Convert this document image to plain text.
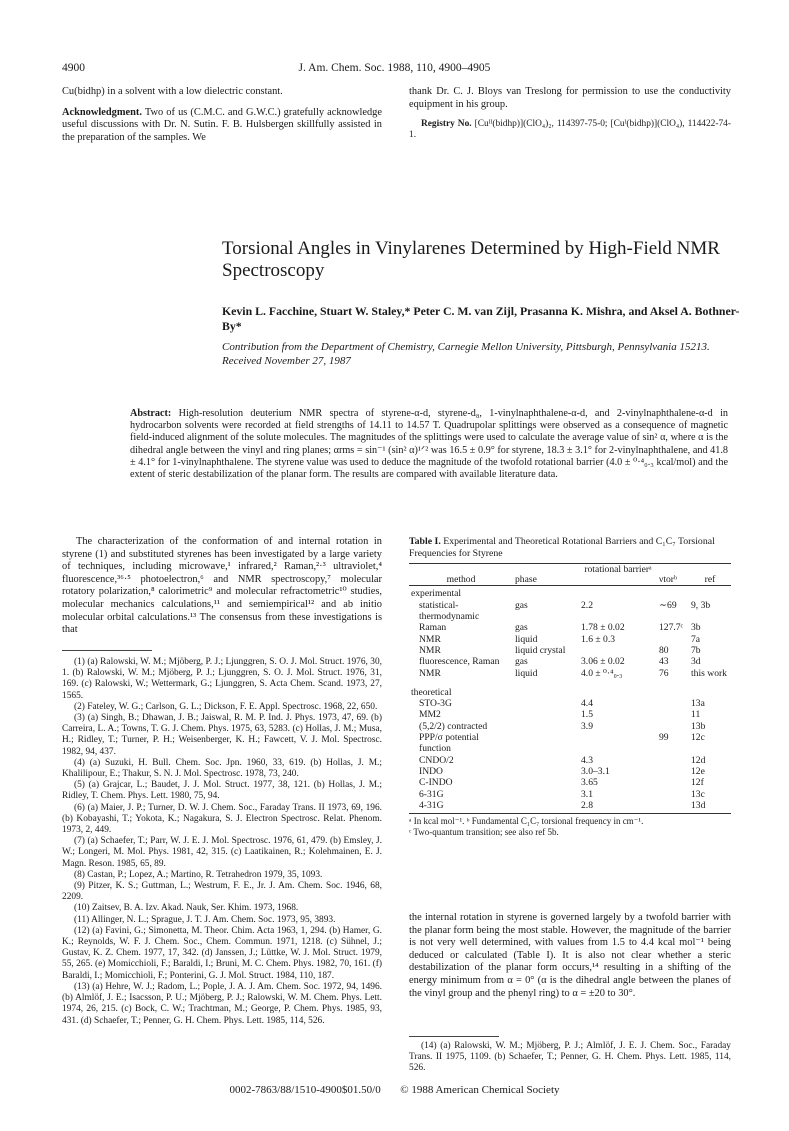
4900	J. Am. Chem. Soc. 1988, 110, 4900–4905

Cu(bidhp) in a solvent with a low dielectric constant.

Acknowledgment. Two of us (C.M.C. and G.W.C.) gratefully acknowledge useful discussions with Dr. N. Sutin. F. B. Hulsbergen skillfully assisted in the preparation of the samples. We

thank Dr. C. J. Bloys van Treslong for permission to use the conductivity equipment in his group.

Registry No. [Cuᴵᴵ(bidhp)](ClO₄)₂, 114397-75-0; [Cuᴵ(bidhp)](ClO₄), 114422-74-1.

Torsional Angles in Vinylarenes Determined by High-Field NMR Spectroscopy
Kevin L. Facchine, Stuart W. Staley,* Peter C. M. van Zijl, Prasanna K. Mishra, and Aksel A. Bothner-By*
Contribution from the Department of Chemistry, Carnegie Mellon University, Pittsburgh, Pennsylvania 15213. Received November 27, 1987
Abstract: High-resolution deuterium NMR spectra of styrene-α-d, styrene-d₈, 1-vinylnaphthalene-α-d, and 2-vinylnaphthalene-α-d in hydrocarbon solvents were recorded at field strengths of 14.11 to 14.57 T. Quadrupolar splittings were observed as a consequence of magnetic field-induced alignment of the solute molecules. The magnitudes of the splittings were used to calculate the average value of sin² α, where α is the dihedral angle between the vinyl and ring planes; αrms = sin⁻¹ (sin² α)¹ᐟ² was 16.5 ± 0.9° for styrene, 18.3 ± 3.1° for 2-vinylnaphthalene, and 41.8 ± 4.1° for 1-vinylnaphthalene. The styrene value was used to deduce the magnitude of the twofold rotational barrier (4.0 ± ⁰·⁴₀.₃ kcal/mol) and the extent of steric destabilization of the planar form. The results are compared with available literature data.
The characterization of the conformation of and internal rotation in styrene (1) and substituted styrenes has been investigated by a large variety of techniques, including microwave,¹ infrared,² Raman,²·³ ultraviolet,⁴ fluorescence,³⁶·⁵ photoelectron,⁶ and NMR spectroscopy,⁷ molecular rotatory polarization,⁸ calorimetric⁹ and molecular refractometric¹⁰ studies, molecular mechanics calculations,¹¹ and semiempirical¹² and ab initio molecular orbital calculations.¹³ The consensus from these investigations is that

(1) (a) Ralowski, W. M.; Mjöberg, P. J.; Ljunggren, S. O. J. Mol. Struct. 1976, 30, 1. (b) Ralowski, W. M.; Mjöberg, P. J.; Ljunggren, S. O. J. Mol. Struct. 1976, 31, 169. (c) Ralowski, W.; Wettermark, G.; Ljunggren, S. Acta Chem. Scand. 1973, 27, 1565.

(2) Fateley, W. G.; Carlson, G. L.; Dickson, F. E. Appl. Spectrosc. 1968, 22, 650.

(3) (a) Singh, B.; Dhawan, J. B.; Jaiswal, R. M. P. Ind. J. Phys. 1973, 47, 69. (b) Carreira, L. A.; Towns, T. G. J. Chem. Phys. 1975, 63, 5283. (c) Hollas, J. M.; Musa, H.; Ridley, T.; Turner, P. H.; Weisenberger, K. H.; Fawcett, V. J. Mol. Spectrosc. 1982, 94, 437.

(4) (a) Suzuki, H. Bull. Chem. Soc. Jpn. 1960, 33, 619. (b) Hollas, J. M.; Khalilipour, E.; Thakur, S. N. J. Mol. Spectrosc. 1978, 73, 240.

(5) (a) Grajcar, L.; Baudet, J. J. Mol. Struct. 1977, 38, 121. (b) Hollas, J. M.; Ridley, T. Chem. Phys. Lett. 1980, 75, 94.

(6) (a) Maier, J. P.; Turner, D. W. J. Chem. Soc., Faraday Trans. II 1973, 69, 196. (b) Kobayashi, T.; Yokota, K.; Nagakura, S. J. Electron Spectrosc. Relat. Phenom. 1973, 2, 449.

(7) (a) Schaefer, T.; Parr, W. J. E. J. Mol. Spectrosc. 1976, 61, 479. (b) Emsley, J. W.; Longeri, M. Mol. Phys. 1981, 42, 315. (c) Laatikainen, R.; Kolehmainen, E. J. Magn. Reson. 1985, 65, 89.

(8) Castan, P.; Lopez, A.; Martino, R. Tetrahedron 1979, 35, 1093.

(9) Pitzer, K. S.; Guttman, L.; Westrum, F. E., Jr. J. Am. Chem. Soc. 1946, 68, 2209.

(10) Zaitsev, B. A. Izv. Akad. Nauk, Ser. Khim. 1973, 1968.

(11) Allinger, N. L.; Sprague, J. T. J. Am. Chem. Soc. 1973, 95, 3893.

(12) (a) Favini, G.; Simonetta, M. Theor. Chim. Acta 1963, 1, 294. (b) Hamer, G. K.; Reynolds, W. F. J. Chem. Soc., Chem. Commun. 1971, 1218. (c) Sühnel, J.; Gustav, K. Z. Chem. 1977, 17, 342. (d) Janssen, J.; Lüttke, W. J. Mol. Struct. 1979, 55, 265. (e) Momicchioli, F.; Baraldi, I.; Bruni, M. C. Chem. Phys. 1982, 70, 161. (f) Baraldi, I.; Momicchioli, F.; Ponterini, G. J. Mol. Struct. 1984, 110, 187.

(13) (a) Hehre, W. J.; Radom, L.; Pople, J. A. J. Am. Chem. Soc. 1972, 94, 1496. (b) Almlöf, J. E.; Isacsson, P. U.; Mjöberg, P. J.; Ralowski, W. M. Chem. Phys. Lett. 1974, 26, 215. (c) Bock, C. W.; Trachtman, M.; George, P. Chem. Phys. 1985, 93, 431. (d) Schaefer, T.; Penner, G. H. Chem. Phys. Lett. 1985, 114, 526.

Table I. Experimental and Theoretical Rotational Barriers and C₁C₇ Torsional Frequencies for Styrene
method	phase	rotational barrierᵃ	νtorᵇ	ref
experimental				
statistical-thermodynamic	gas	2.2	∼69	9, 3b
Raman	gas	1.78 ± 0.02	127.7ᶜ	3b
NMR	liquid	1.6 ± 0.3		7a
NMR	liquid crystal		80	7b
fluorescence, Raman	gas	3.06 ± 0.02	43	3d
NMR	liquid	4.0 ± ⁰·⁴₀.₃	76	this work
theoretical				
STO-3G		4.4		13a
MM2		1.5		11
(5,2/2) contracted		3.9		13b
PPP/σ potential function			99	12c
CNDO/2		4.3		12d
INDO		3.0–3.1		12e
C-INDO		3.65		12f
6-31G		3.1		13c
4-31G		2.8		13d
ᵃ In kcal mol⁻¹. ᵇ Fundamental C₁C₇ torsional frequency in cm⁻¹.
ᶜ Two-quantum transition; see also ref 5b.
the internal rotation in styrene is governed largely by a twofold barrier with the planar form being the most stable. However, the magnitude of the barrier is not very well determined, with values from 1.5 to 4.4 kcal mol⁻¹ being deduced or calculated (Table I). It is also not clear whether a steric destabilization of the planar form occurs,¹⁴ resulting in a shifting of the energy minimum from α = 0° (α is the dihedral angle between the planes of the vinyl group and the phenyl ring) to α = ±20 to 30°.

(14) (a) Ralowski, W. M.; Mjöberg, P. J.; Almlöf, J. E. J. Chem. Soc., Faraday Trans. II 1975, 1109. (b) Schaefer, T.; Penner, G. H. Chem. Phys. Lett. 1985, 114, 526.

0002-7863/88/1510-4900$01.50/0 © 1988 American Chemical Society
